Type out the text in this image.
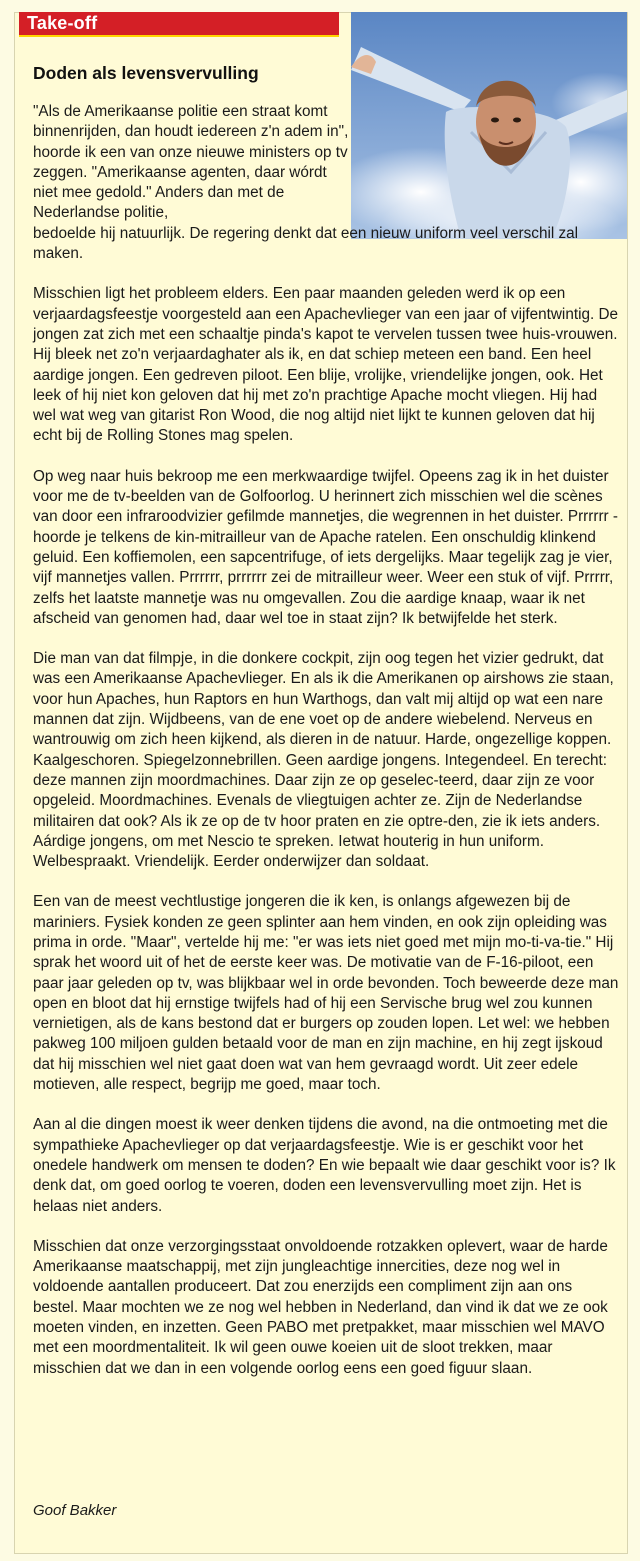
Take-off
Doden als levensvervulling

"Als de Amerikaanse politie een straat komt binnenrijden, dan houdt iedereen z'n adem in", hoorde ik een van onze nieuwe ministers op tv zeggen. "Amerikaanse agenten, daar wórdt niet mee gedold." Anders dan met de Nederlandse politie,

bedoelde hij natuurlijk. De regering denkt dat een nieuw uniform veel verschil zal maken.

Misschien ligt het probleem elders. Een paar maanden geleden werd ik op een verjaardagsfeestje voorgesteld aan een Apachevlieger van een jaar of vijfentwintig. De jongen zat zich met een schaaltje pinda's kapot te vervelen tussen twee huis-vrouwen. Hij bleek net zo'n verjaardaghater als ik, en dat schiep meteen een band. Een heel aardige jongen. Een gedreven piloot. Een blije, vrolijke, vriendelijke jongen, ook. Het leek of hij niet kon geloven dat hij met zo'n prachtige Apache mocht vliegen. Hij had wel wat weg van gitarist Ron Wood, die nog altijd niet lijkt te kunnen geloven dat hij echt bij de Rolling Stones mag spelen.

Op weg naar huis bekroop me een merkwaardige twijfel. Opeens zag ik in het duister voor me de tv-beelden van de Golfoorlog. U herinnert zich misschien wel die scènes van door een infraroodvizier gefilmde mannetjes, die wegrennen in het duister. Prrrrrr - hoorde je telkens de kin-mitrailleur van de Apache ratelen. Een onschuldig klinkend geluid. Een koffiemolen, een sapcentrifuge, of iets dergelijks. Maar tegelijk zag je vier, vijf mannetjes vallen. Prrrrrr, prrrrrr zei de mitrailleur weer. Weer een stuk of vijf. Prrrrr, zelfs het laatste mannetje was nu omgevallen. Zou die aardige knaap, waar ik net afscheid van genomen had, daar wel toe in staat zijn? Ik betwijfelde het sterk.

Die man van dat filmpje, in die donkere cockpit, zijn oog tegen het vizier gedrukt, dat was een Amerikaanse Apachevlieger. En als ik die Amerikanen op airshows zie staan, voor hun Apaches, hun Raptors en hun Warthogs, dan valt mij altijd op wat een nare mannen dat zijn. Wijdbeens, van de ene voet op de andere wiebelend. Nerveus en wantrouwig om zich heen kijkend, als dieren in de natuur. Harde, ongezellige koppen. Kaalgeschoren. Spiegelzonnebrillen. Geen aardige jongens. Integendeel. En terecht: deze mannen zijn moordmachines. Daar zijn ze op geselec-teerd, daar zijn ze voor opgeleid. Moordmachines. Evenals de vliegtuigen achter ze. Zijn de Nederlandse militairen dat ook? Als ik ze op de tv hoor praten en zie optre-den, zie ik iets anders. Aárdige jongens, om met Nescio te spreken. Ietwat houterig in hun uniform. Welbespraakt. Vriendelijk. Eerder onderwijzer dan soldaat.

Een van de meest vechtlustige jongeren die ik ken, is onlangs afgewezen bij de mariniers. Fysiek konden ze geen splinter aan hem vinden, en ook zijn opleiding was prima in orde. "Maar", vertelde hij me: "er was iets niet goed met mijn mo-ti-va-tie." Hij sprak het woord uit of het de eerste keer was. De motivatie van de F-16-piloot, een paar jaar geleden op tv, was blijkbaar wel in orde bevonden. Toch beweerde deze man open en bloot dat hij ernstige twijfels had of hij een Servische brug wel zou kunnen vernietigen, als de kans bestond dat er burgers op zouden lopen. Let wel: we hebben pakweg 100 miljoen gulden betaald voor de man en zijn machine, en hij zegt ijskoud dat hij misschien wel niet gaat doen wat van hem gevraagd wordt. Uit zeer edele motieven, alle respect, begrijp me goed, maar toch.

Aan al die dingen moest ik weer denken tijdens die avond, na die ontmoeting met die sympathieke Apachevlieger op dat verjaardagsfeestje. Wie is er geschikt voor het onedele handwerk om mensen te doden? En wie bepaalt wie daar geschikt voor is? Ik denk dat, om goed oorlog te voeren, doden een levensvervulling moet zijn. Het is helaas niet anders.

Misschien dat onze verzorgingsstaat onvoldoende rotzakken oplevert, waar de harde Amerikaanse maatschappij, met zijn jungleachtige innercities, deze nog wel in voldoende aantallen produceert. Dat zou enerzijds een compliment zijn aan ons bestel. Maar mochten we ze nog wel hebben in Nederland, dan vind ik dat we ze ook moeten vinden, en inzetten. Geen PABO met pretpakket, maar misschien wel MAVO met een moordmentaliteit. Ik wil geen ouwe koeien uit de sloot trekken, maar misschien dat we dan in een volgende oorlog eens een goed figuur slaan.

Goof Bakker
